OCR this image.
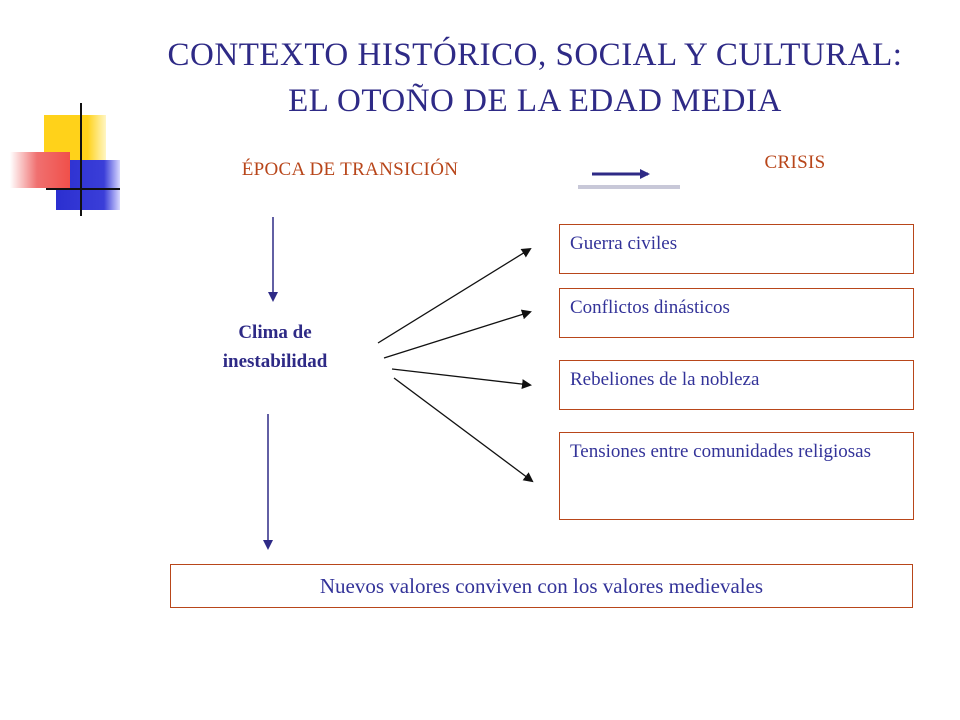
CONTEXTO HISTÓRICO, SOCIAL Y CULTURAL:
EL OTOÑO DE LA EDAD MEDIA
ÉPOCA DE TRANSICIÓN	CRISIS
Clima de
inestabilidad
Guerra civiles
Conflictos dinásticos
Rebeliones de la nobleza
Tensiones entre comunidades religiosas
Nuevos valores conviven con los valores medievales
